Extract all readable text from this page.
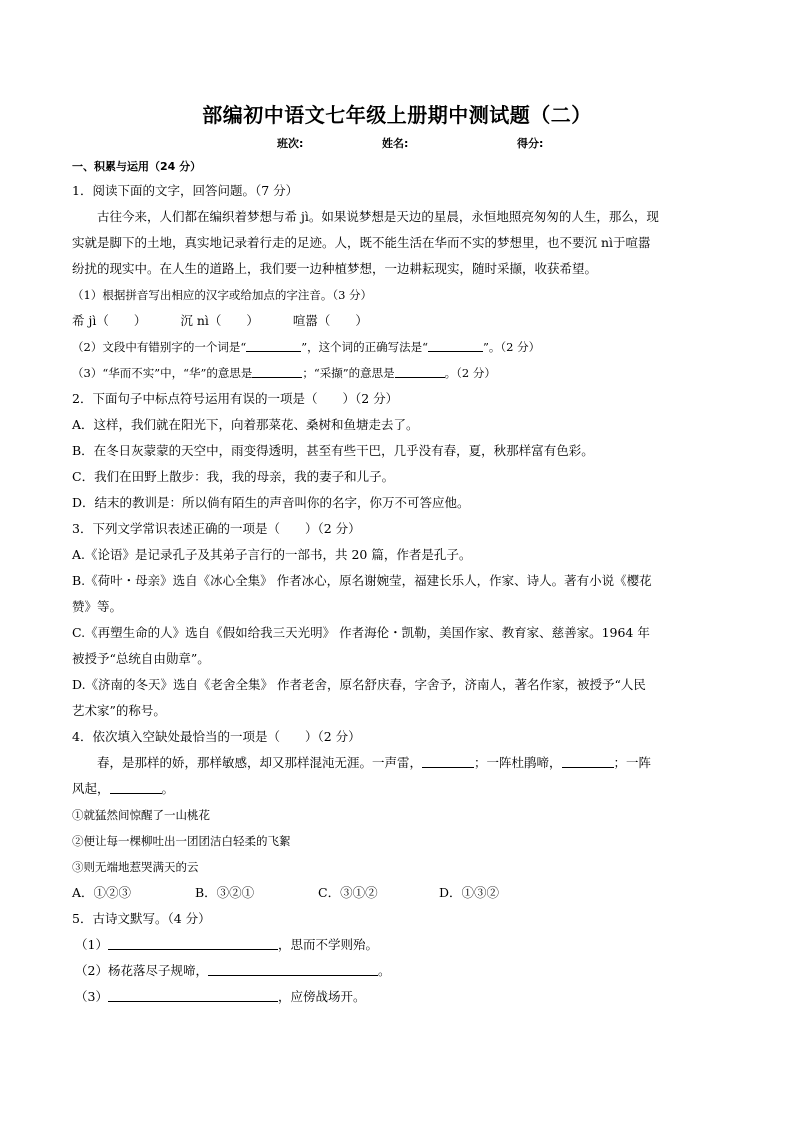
部编初中语文七年级上册期中测试题（二）
班次:	姓名:	得分:
一、积累与运用（24 分）
1．阅读下面的文字，回答问题。（7 分）
古往今来，人们都在编织着梦想与希 jì。如果说梦想是天边的星晨，永恒地照亮匆匆的人生，那么，现
实就是脚下的土地，真实地记录着行走的足迹。人，既不能生活在华而不实的梦想里，也不要沉 nì于喧嚣
纷扰的现实中。在人生的道路上，我们要一边种植梦想，一边耕耘现实，随时采撷，收获希望。
（1）根据拼音写出相应的汉字或给加点的字注音。（3 分）
希 jì（　　）	沉 nì（　　）	喧嚣（　　）
（2）文段中有错别字的一个词是“	”，这个词的正确写法是“	”。（2 分）
（3）“华而不实”中，“华”的意思是	；“采撷”的意思是	。（2 分）
2．下面句子中标点符号运用有误的一项是（　　）（2 分）
A．这样，我们就在阳光下，向着那菜花、桑树和鱼塘走去了。
B．在冬日灰蒙蒙的天空中，雨变得透明，甚至有些干巴，几乎没有春，夏，秋那样富有色彩。
C．我们在田野上散步：我，我的母亲，我的妻子和儿子。
D．结末的教训是：所以倘有陌生的声音叫你的名字，你万不可答应他。
3．下列文学常识表述正确的一项是（　　）（2 分）
A.《论语》是记录孔子及其弟子言行的一部书，共 20 篇，作者是孔子。
B.《荷叶・母亲》选自《冰心全集》 作者冰心，原名谢婉莹，福建长乐人，作家、诗人。著有小说《樱花
赞》等。
C.《再塑生命的人》选自《假如给我三天光明》 作者海伦・凯勒，美国作家、教育家、慈善家。1964 年
被授予“总统自由勋章”。
D.《济南的冬天》选自《老舍全集》 作者老舍，原名舒庆春，字舍予，济南人，著名作家，被授予“人民
艺术家”的称号。
4．依次填入空缺处最恰当的一项是（　　）（2 分）
春，是那样的娇，那样敏感，却又那样混沌无涯。一声雷，	；一阵杜鹃啼，	；一阵
风起，	。
①就猛然间惊醒了一山桃花
②便让每一棵柳吐出一团团洁白轻柔的飞絮
③则无端地惹哭满天的云
A．①②③	B．③②①	C．③①②	D．①③②
5．古诗文默写。（4 分）
（1）	，思而不学则殆。
（2）杨花落尽子规啼，	。
（3）	，应傍战场开。
